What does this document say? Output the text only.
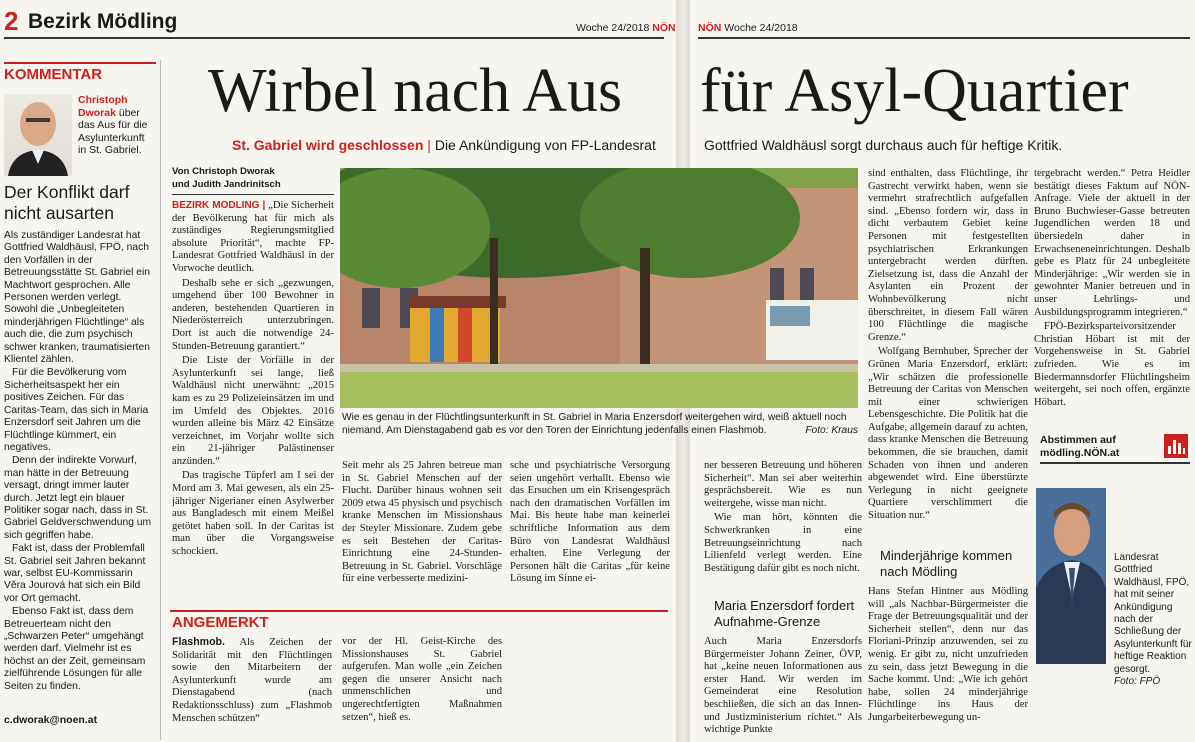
2 Bezirk Mödling	Woche 24/2018 NÖN NÖN Woche 24/2018
KOMMENTAR
Christoph
Dworak über das Aus für die Asylunterkunft in St. Gabriel.
Der Konflikt darf nicht ausarten

Als zuständiger Landesrat hat Gottfried Waldhäusl, FPÖ, nach den Vorfällen in der Betreuungsstätte St. Gabriel ein Machtwort gesprochen. Alle Personen werden verlegt. Sowohl die „Unbegleiteten minderjährigen Flüchtlinge“ als auch die, die zum psychisch schwer kranken, traumatisierten Klientel zählen.

Für die Bevölkerung vom Sicherheitsaspekt her ein positives Zeichen. Für das Caritas-Team, das sich in Maria Enzersdorf seit Jahren um die Flüchtlinge kümmert, ein negatives.

Denn der indirekte Vorwurf, man hätte in der Betreuung versagt, dringt immer lauter durch. Jetzt legt ein blauer Politiker sogar nach, dass in St. Gabriel Geldverschwendung um sich gegriffen habe.

Fakt ist, dass der Problemfall St. Gabriel seit Jahren bekannt war, selbst EU-Kommissarin Věra Jourová hat sich ein Bild vor Ort gemacht.

Ebenso Fakt ist, dass dem Betreuerteam nicht den „Schwarzen Peter“ umgehängt werden darf. Vielmehr ist es höchst an der Zeit, gemeinsam zielführende Lösungen für alle Seiten zu finden.

c.dworak@noen.at
Wirbel nach Aus für Asyl-Quartier
St. Gabriel wird geschlossen | Die Ankündigung von FP-Landesrat	Gottfried Waldhäusl sorgt durchaus auch für heftige Kritik.
Von Christoph Dworak
und Judith Jandrinitsch

BEZIRK MÖDLING | „Die Sicherheit der Bevölkerung hat für mich als zuständiges Regierungsmitglied absolute Priorität“, machte FP-Landesrat Gottfried Waldhäusl in der Vorwoche deutlich.

Deshalb sehe er sich „gezwungen, umgehend über 100 Bewohner in anderen, bestehenden Quartieren in Niederösterreich unterzubringen. Dort ist auch die notwendige 24-Stunden-Betreuung garantiert.“

Die Liste der Vorfälle in der Asylunterkunft sei lange, ließ Waldhäusl nicht unerwähnt: „2015 kam es zu 29 Polizeieinsätzen im und im Umfeld des Objektes. 2016 wurden alleine bis März 42 Einsätze verzeichnet, im Vorjahr wollte sich ein 21-jähriger Palästinenser anzünden.“

Das tragische Tüpferl am I sei der Mord am 3. Mai gewesen, als ein 25-jähriger Nigerianer einen Asylwerber aus Bangladesch mit einem Meißel getötet haben soll. In der Caritas ist man über die Vorgangsweise schockiert.

Wie es genau in der Flüchtlingsunterkunft in St. Gabriel in Maria Enzersdorf weitergehen wird, weiß aktuell noch niemand. Am Dienstagabend gab es vor den Toren der Einrichtung jedenfalls einen Flashmob.	Foto: Kraus

Seit mehr als 25 Jahren betreue man in St. Gabriel Menschen auf der Flucht. Darüber hinaus wohnen seit 2009 etwa 45 physisch und psychisch kranke Menschen im Missionshaus der Steyler Missionare. Zudem gebe es seit Bestehen der Caritas-Einrichtung eine 24-Stunden-Betreuung in St. Gabriel. Vorschläge für eine verbesserte medizini-

sche und psychiatrische Versorgung seien ungehört verhallt. Ebenso wie das Ersuchen um ein Krisengespräch nach den dramatischen Vorfällen im Mai. Bis heute habe man keinerlei schriftliche Information aus dem Büro von Landesrat Waldhäusl erhalten. Eine Verlegung der Personen hält die Caritas „für keine Lösung im Sinne ei-

ner besseren Betreuung und höheren Sicherheit“. Man sei aber weiterhin gesprächsbereit. Wie es nun weitergehe, wisse man nicht.

Wie man hört, könnten die Schwerkranken in eine Betreuungseinrichtung nach Lilienfeld verlegt werden. Eine Bestätigung dafür gibt es noch nicht.

Maria Enzersdorf fordert Aufnahme-Grenze

Auch Maria Enzersdorfs Bürgermeister Johann Zeiner, ÖVP, hat „keine neuen Informationen aus erster Hand. Wir werden im Gemeinderat eine Resolution beschließen, die sich an das Innen- und Justizministerium richtet.“ Als wichtige Punkte

sind enthalten, dass Flüchtlinge, ihr Gastrecht verwirkt haben, wenn sie vermehrt strafrechtlich aufgefallen sind. „Ebenso fordern wir, dass in dicht verbautem Gebiet keine Personen mit festgestellten psychiatrischen Erkrankungen untergebracht werden dürften. Zielsetzung ist, dass die Anzahl der Asylanten ein Prozent der Wohnbevölkerung nicht überschreitet, in diesem Fall wären 100 Flüchtlinge die magische Grenze.“

Wolfgang Bernhuber, Sprecher der Grünen Maria Enzersdorf, erklärt: „Wir schätzen die professionelle Betreuung der Caritas von Menschen mit einer schwierigen Lebensgeschichte. Die Politik hat die Aufgabe, allgemein darauf zu achten, dass kranke Menschen die Betreuung bekommen, die sie brauchen, damit Schaden von ihnen und anderen abgewendet wird. Eine überstürzte Verlegung in nicht geeignete Quartiere verschlimmert die Situation nur.“

Minderjährige kommen nach Mödling

Hans Stefan Hintner aus Mödling will „als Nachbar-Bürgermeister die Frage der Betreuungsqualität und der Sicherheit stellen“, denn nur das Floriani-Prinzip anzuwenden, sei zu wenig. Er gibt zu, nicht unzufrieden zu sein, dass jetzt Bewegung in die Sache kommt. Und: „Wie ich gehört habe, sollen 24 minderjährige Flüchtlinge ins Haus der Jungarbeiterbewegung un-

tergebracht werden.“ Petra Heidler bestätigt dieses Faktum auf NÖN-Anfrage. Viele der aktuell in der Bruno Buchwieser-Gasse betreuten Jugendlichen werden 18 und übersiedeln daher in Erwachseneneinrichtungen. Deshalb gebe es Platz für 24 unbegleitete Minderjährige: „Wir werden sie in gewohnter Manier betreuen und in unser Lehrlings- und Ausbildungsprogramm integrieren.“

FPÖ-Bezirksparteivorsitzender Christian Höbart ist mit der Vorgehensweise in St. Gabriel zufrieden. Wie es im Biedermannsdorfer Flüchtlingsheim weitergeht, sei noch offen, ergänzte Höbart.

Abstimmen auf
mödling.NÖN.at
Landesrat Gottfried Waldhäusl, FPÖ, hat mit seiner Ankündigung nach der Schließung der Asylunterkunft für heftige Reaktion gesorgt.
Foto: FPÖ
ANGEMERKT

Flashmob. Als Zeichen der Solidarität mit den Flüchtlingen sowie den Mitarbeitern der Asylunterkunft wurde am Dienstagabend (nach Redaktionsschluss) zum „Flashmob Menschen schützen“

vor der Hl. Geist-Kirche des Missionshauses St. Gabriel aufgerufen. Man wolle „ein Zeichen gegen die unserer Ansicht nach unmenschlichen und ungerechtfertigten Maßnahmen setzen“, hieß es.
